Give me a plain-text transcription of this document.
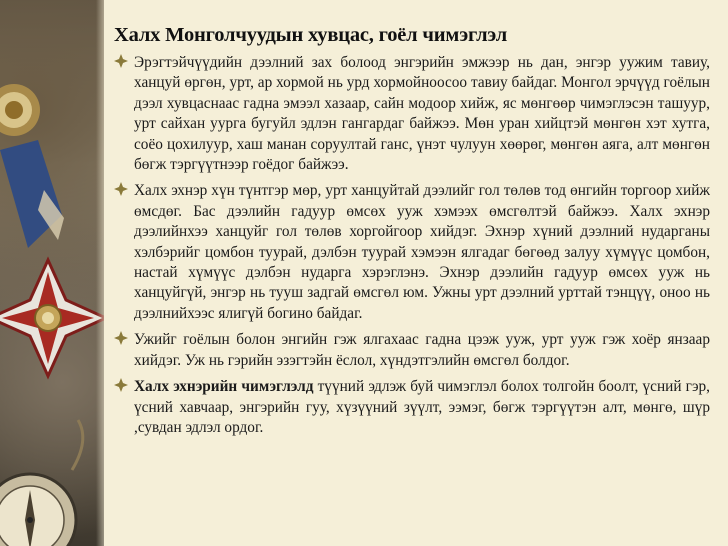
Халх Монголчуудын хувцас, гоёл чимэглэл

Эрэгтэйчүүдийн дээлний зах болоод энгэрийн эмжээр нь дан, энгэр уужим тавиу, ханцуй өргөн, урт, ар хормой нь урд хормойноосоо тавиу байдаг. Монгол эрчүүд гоёлын дээл хувцаснаас гадна эмээл хазаар, сайн модоор хийж, яс мөнгөөр чимэглэсэн ташуур, урт сайхан уурга бугуйл эдлэн гангардаг байжээ. Мөн уран хийцтэй мөнгөн хэт хутга, соёо цохилуур, хаш манан соруултай ганс, үнэт чулуун хөөрөг, мөнгөн аяга, алт мөнгөн бөгж тэргүүтнээр гоёдог байжээ.

Халх эхнэр хүн түнтгэр мөр, урт ханцуйтай дээлийг гол төлөв тод өнгийн торгоор хийж өмсдөг. Бас дээлийн гадуур өмсөх ууж хэмээх өмсгөлтэй байжээ. Халх эхнэр дээлийнхээ ханцуйг гол төлөв хоргойгоор хийдэг. Эхнэр хүний дээлний нударганы хэлбэрийг цомбон туурай, дэлбэн туурай хэмээн ялгадаг бөгөөд залуу хүмүүс цомбон, настай хүмүүс дэлбэн нударга хэрэглэнэ. Эхнэр дээлийн гадуур өмсөх ууж нь ханцуйгүй, энгэр нь тууш задгай өмсгөл юм. Ужны урт дээлний урттай тэнцүү, оноо нь дээлнийхээс ялигүй богино байдаг.

Ужийг гоёлын болон энгийн гэж ялгахаас гадна цээж ууж, урт ууж гэж хоёр янзаар хийдэг. Уж нь гэрийн эзэгтэйн ёслол, хүндэтгэлийн өмсгөл болдог.

Халх эхнэрийн чимэглэлд түүний эдлэж буй чимэглэл болох толгойн боолт, үсний гэр, үсний хавчаар, энгэрийн гуу, хүзүүний зүүлт, ээмэг, бөгж тэргүүтэн алт, мөнгө, шүр ,сувдан эдлэл ордог.
